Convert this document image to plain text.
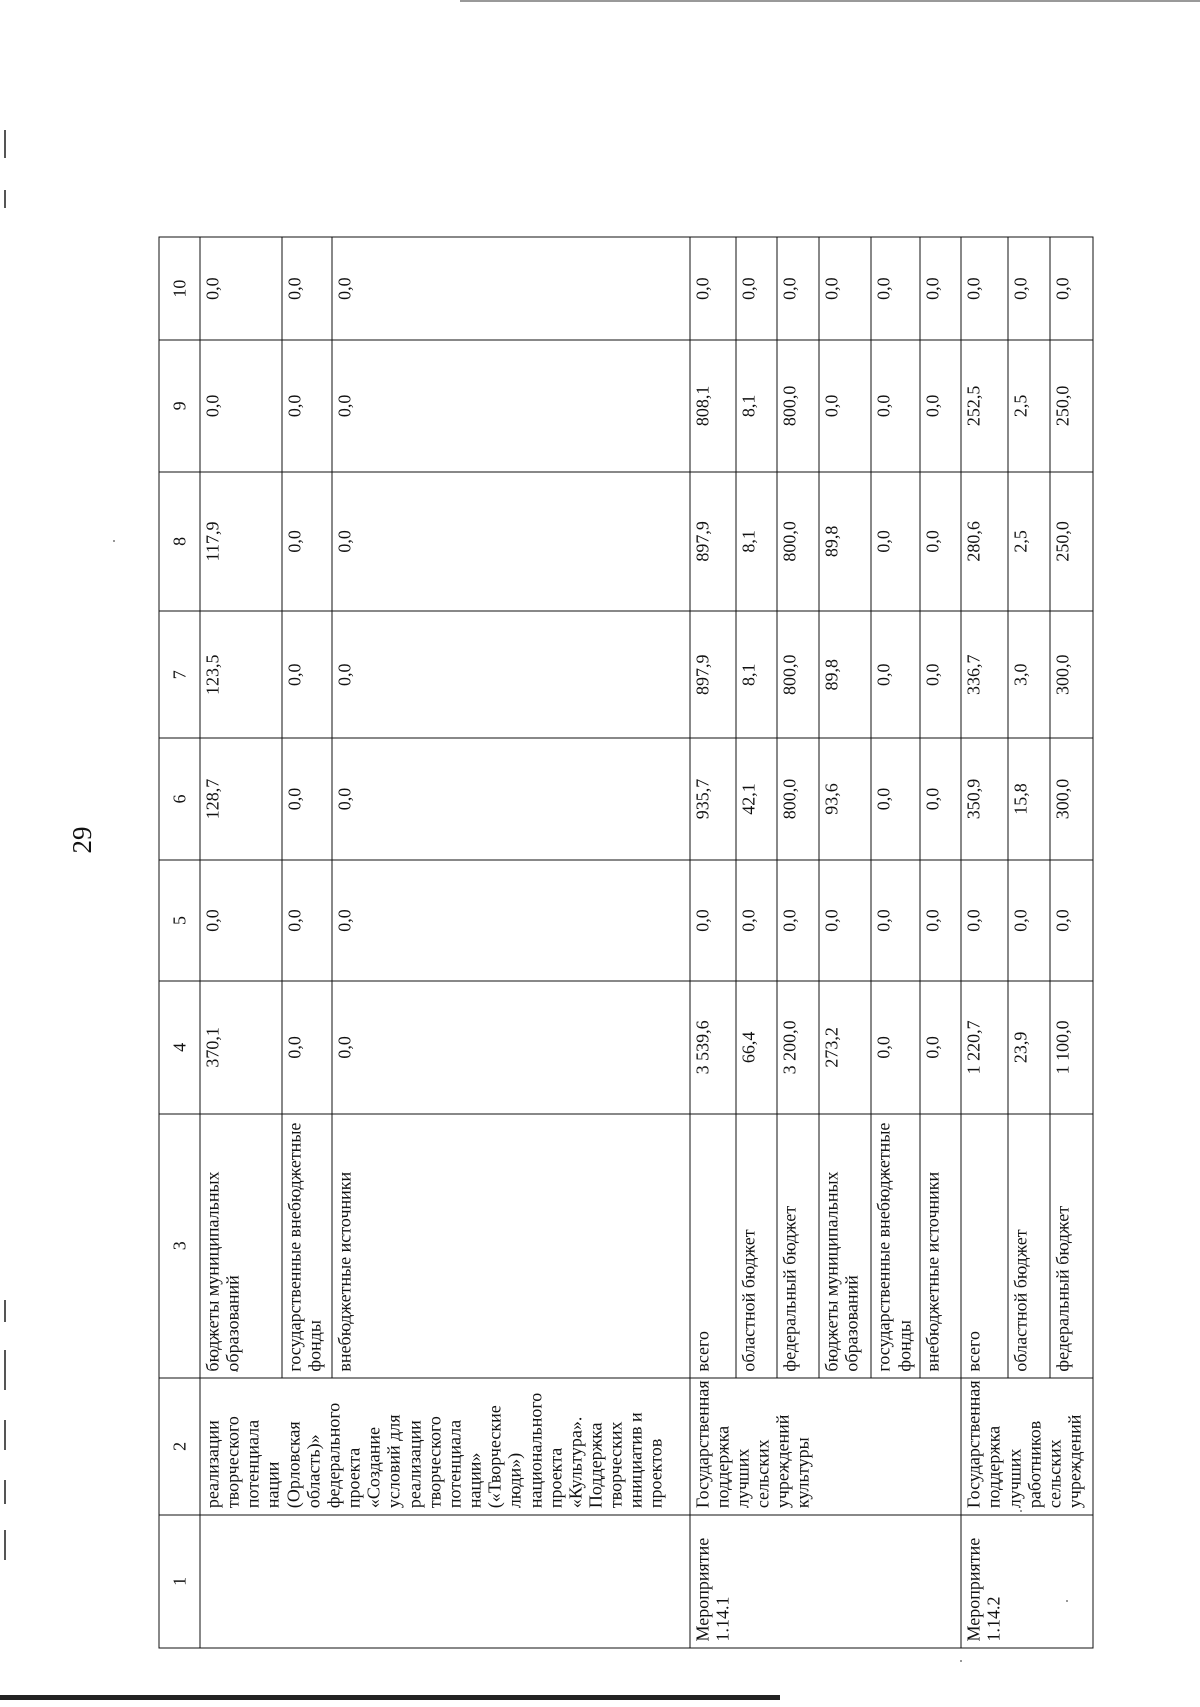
29
1	2	3	4	5	6	7	8	9	10
	реализации творческого потенциала нации (Орловская область)» федерального проекта «Создание условий для реализации творческого потенциала нации» («Творческие люди») национального проекта «Культура». Поддержка творческих инициатив и проектов	бюджеты муниципальных образований	370,1	0,0	128,7	123,5	117,9	0,0	0,0
		государственные внебюджетные фонды	0,0	0,0	0,0	0,0	0,0	0,0	0,0
		внебюджетные источники	0,0	0,0	0,0	0,0	0,0	0,0	0,0
Мероприятие 1.14.1	Государственная поддержка лучших сельских учреждений культуры	всего	3 539,6	0,0	935,7	897,9	897,9	808,1	0,0
		областной бюджет	66,4	0,0	42,1	8,1	8,1	8,1	0,0
		федеральный бюджет	3 200,0	0,0	800,0	800,0	800,0	800,0	0,0
		бюджеты муниципальных образований	273,2	0,0	93,6	89,8	89,8	0,0	0,0
		государственные внебюджетные фонды	0,0	0,0	0,0	0,0	0,0	0,0	0,0
		внебюджетные источники	0,0	0,0	0,0	0,0	0,0	0,0	0,0
Мероприятие 1.14.2	Государственная поддержка лучших работников сельских учреждений	всего	1 220,7	0,0	350,9	336,7	280,6	252,5	0,0
		областной бюджет	23,9	0,0	15,8	3,0	2,5	2,5	0,0
		федеральный бюджет	1 100,0	0,0	300,0	300,0	250,0	250,0	0,0
